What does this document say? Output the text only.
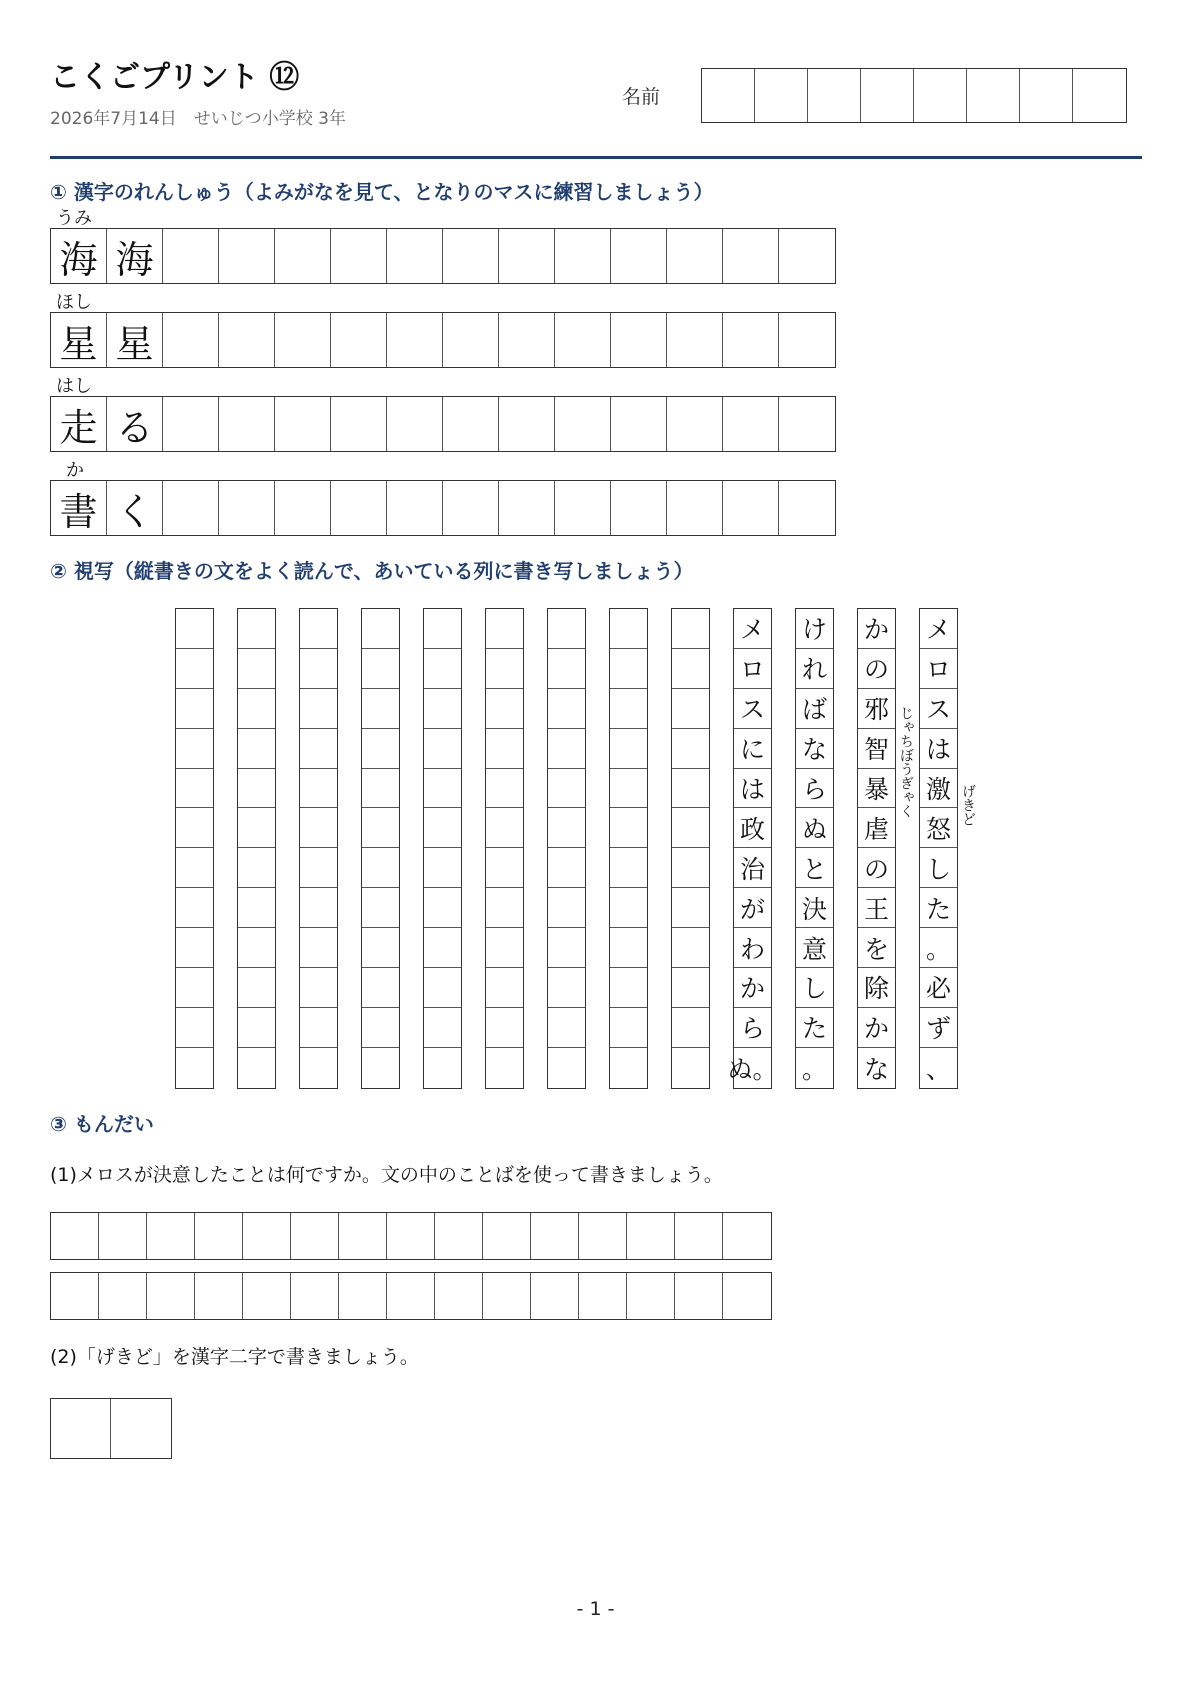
こくごプリント ⑫
2026年7月14日　せいじつ小学校 3年
名前
① 漢字のれんしゅう（よみがなを見て、となりのマスに練習しましょう）
うみ
海 海
ほし
星 星
はし
走 る
か
書 く
② 視写（縦書きの文をよく読んで、あいている列に書き写しましょう）
メ
ロ
ス
に
は
政
治
が
わ
か
ら
ぬ。
け
れ
ば
な
ら
ぬ
と
決
意
し
た
。
か
の
邪
智
暴
虐
の
王
を
除
か
な
じゃちぼうぎゃく
メ
ロ
ス
は
激
怒
し
た
。
必
ず
、
げきど
③ もんだい
(1)メロスが決意したことは何ですか。文の中のことばを使って書きましょう。
(2)「げきど」を漢字二字で書きましょう。
- 1 -
